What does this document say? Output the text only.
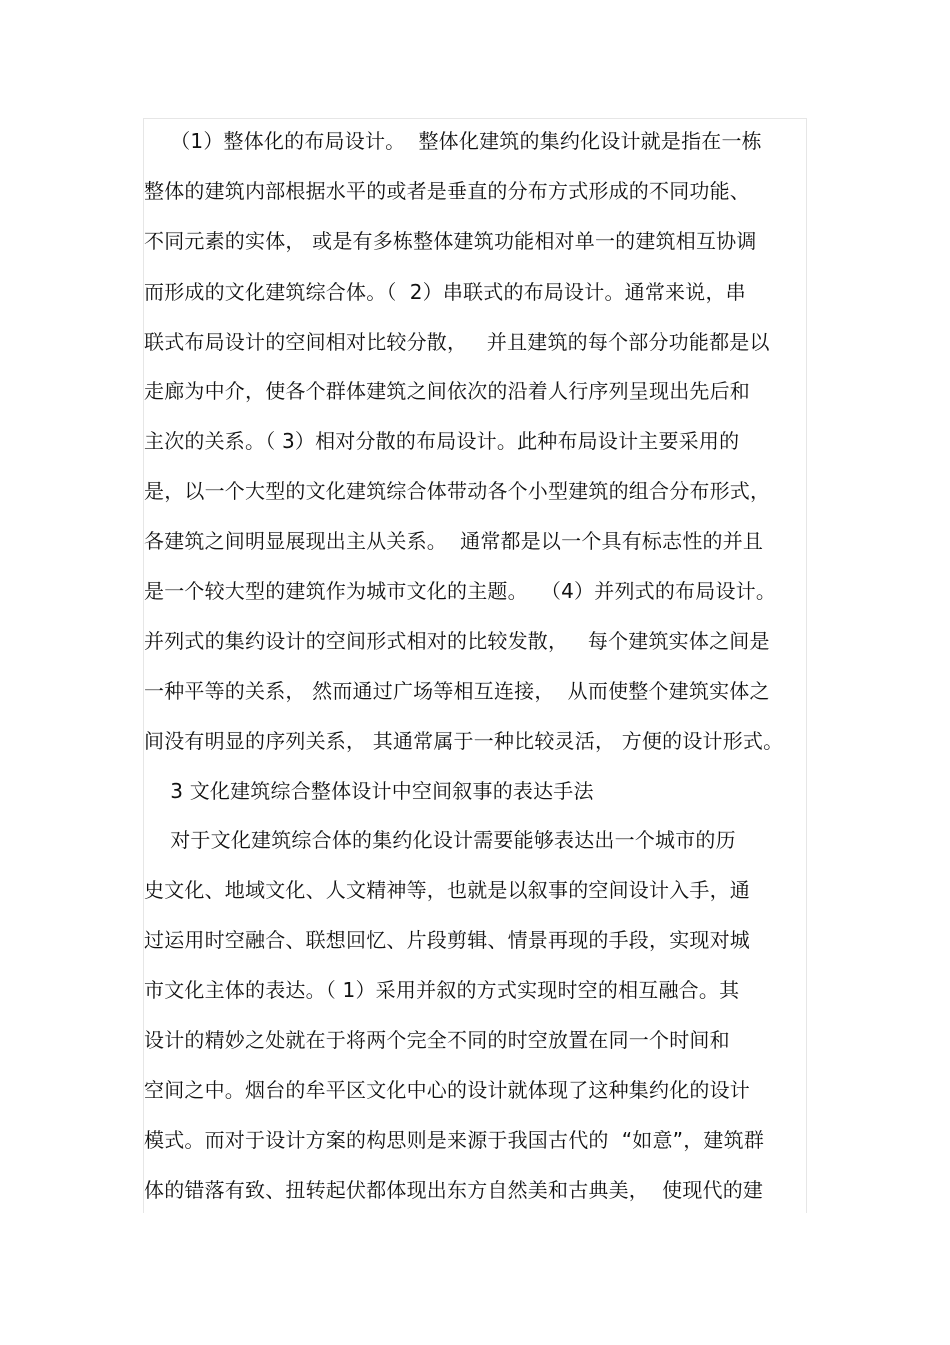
（1）整体化的布局设计。  整体化建筑的集约化设计就是指在一栋
整体的建筑内部根据水平的或者是垂直的分布方式形成的不同功能、
不同元素的实体， 或是有多栋整体建筑功能相对单一的建筑相互协调
而形成的文化建筑综合体。（  2）串联式的布局设计。通常来说，串
联式布局设计的空间相对比较分散，   并且建筑的每个部分功能都是以
走廊为中介，使各个群体建筑之间依次的沿着人行序列呈现出先后和
主次的关系。（ 3）相对分散的布局设计。此种布局设计主要采用的
是，以一个大型的文化建筑综合体带动各个小型建筑的组合分布形式，
各建筑之间明显展现出主从关系。  通常都是以一个具有标志性的并且
是一个较大型的建筑作为城市文化的主题。  （4）并列式的布局设计。
并列式的集约设计的空间形式相对的比较发散，   每个建筑实体之间是
一种平等的关系， 然而通过广场等相互连接，  从而使整个建筑实体之
间没有明显的序列关系， 其通常属于一种比较灵活， 方便的设计形式。
3 文化建筑综合整体设计中空间叙事的表达手法
对于文化建筑综合体的集约化设计需要能够表达出一个城市的历
史文化、地域文化、人文精神等，也就是以叙事的空间设计入手，通
过运用时空融合、联想回忆、片段剪辑、情景再现的手段，实现对城
市文化主体的表达。（ 1）采用并叙的方式实现时空的相互融合。其
设计的精妙之处就在于将两个完全不同的时空放置在同一个时间和
空间之中。烟台的牟平区文化中心的设计就体现了这种集约化的设计
模式。而对于设计方案的构思则是来源于我国古代的  “如意”，建筑群
体的错落有致、扭转起伏都体现出东方自然美和古典美，  使现代的建
